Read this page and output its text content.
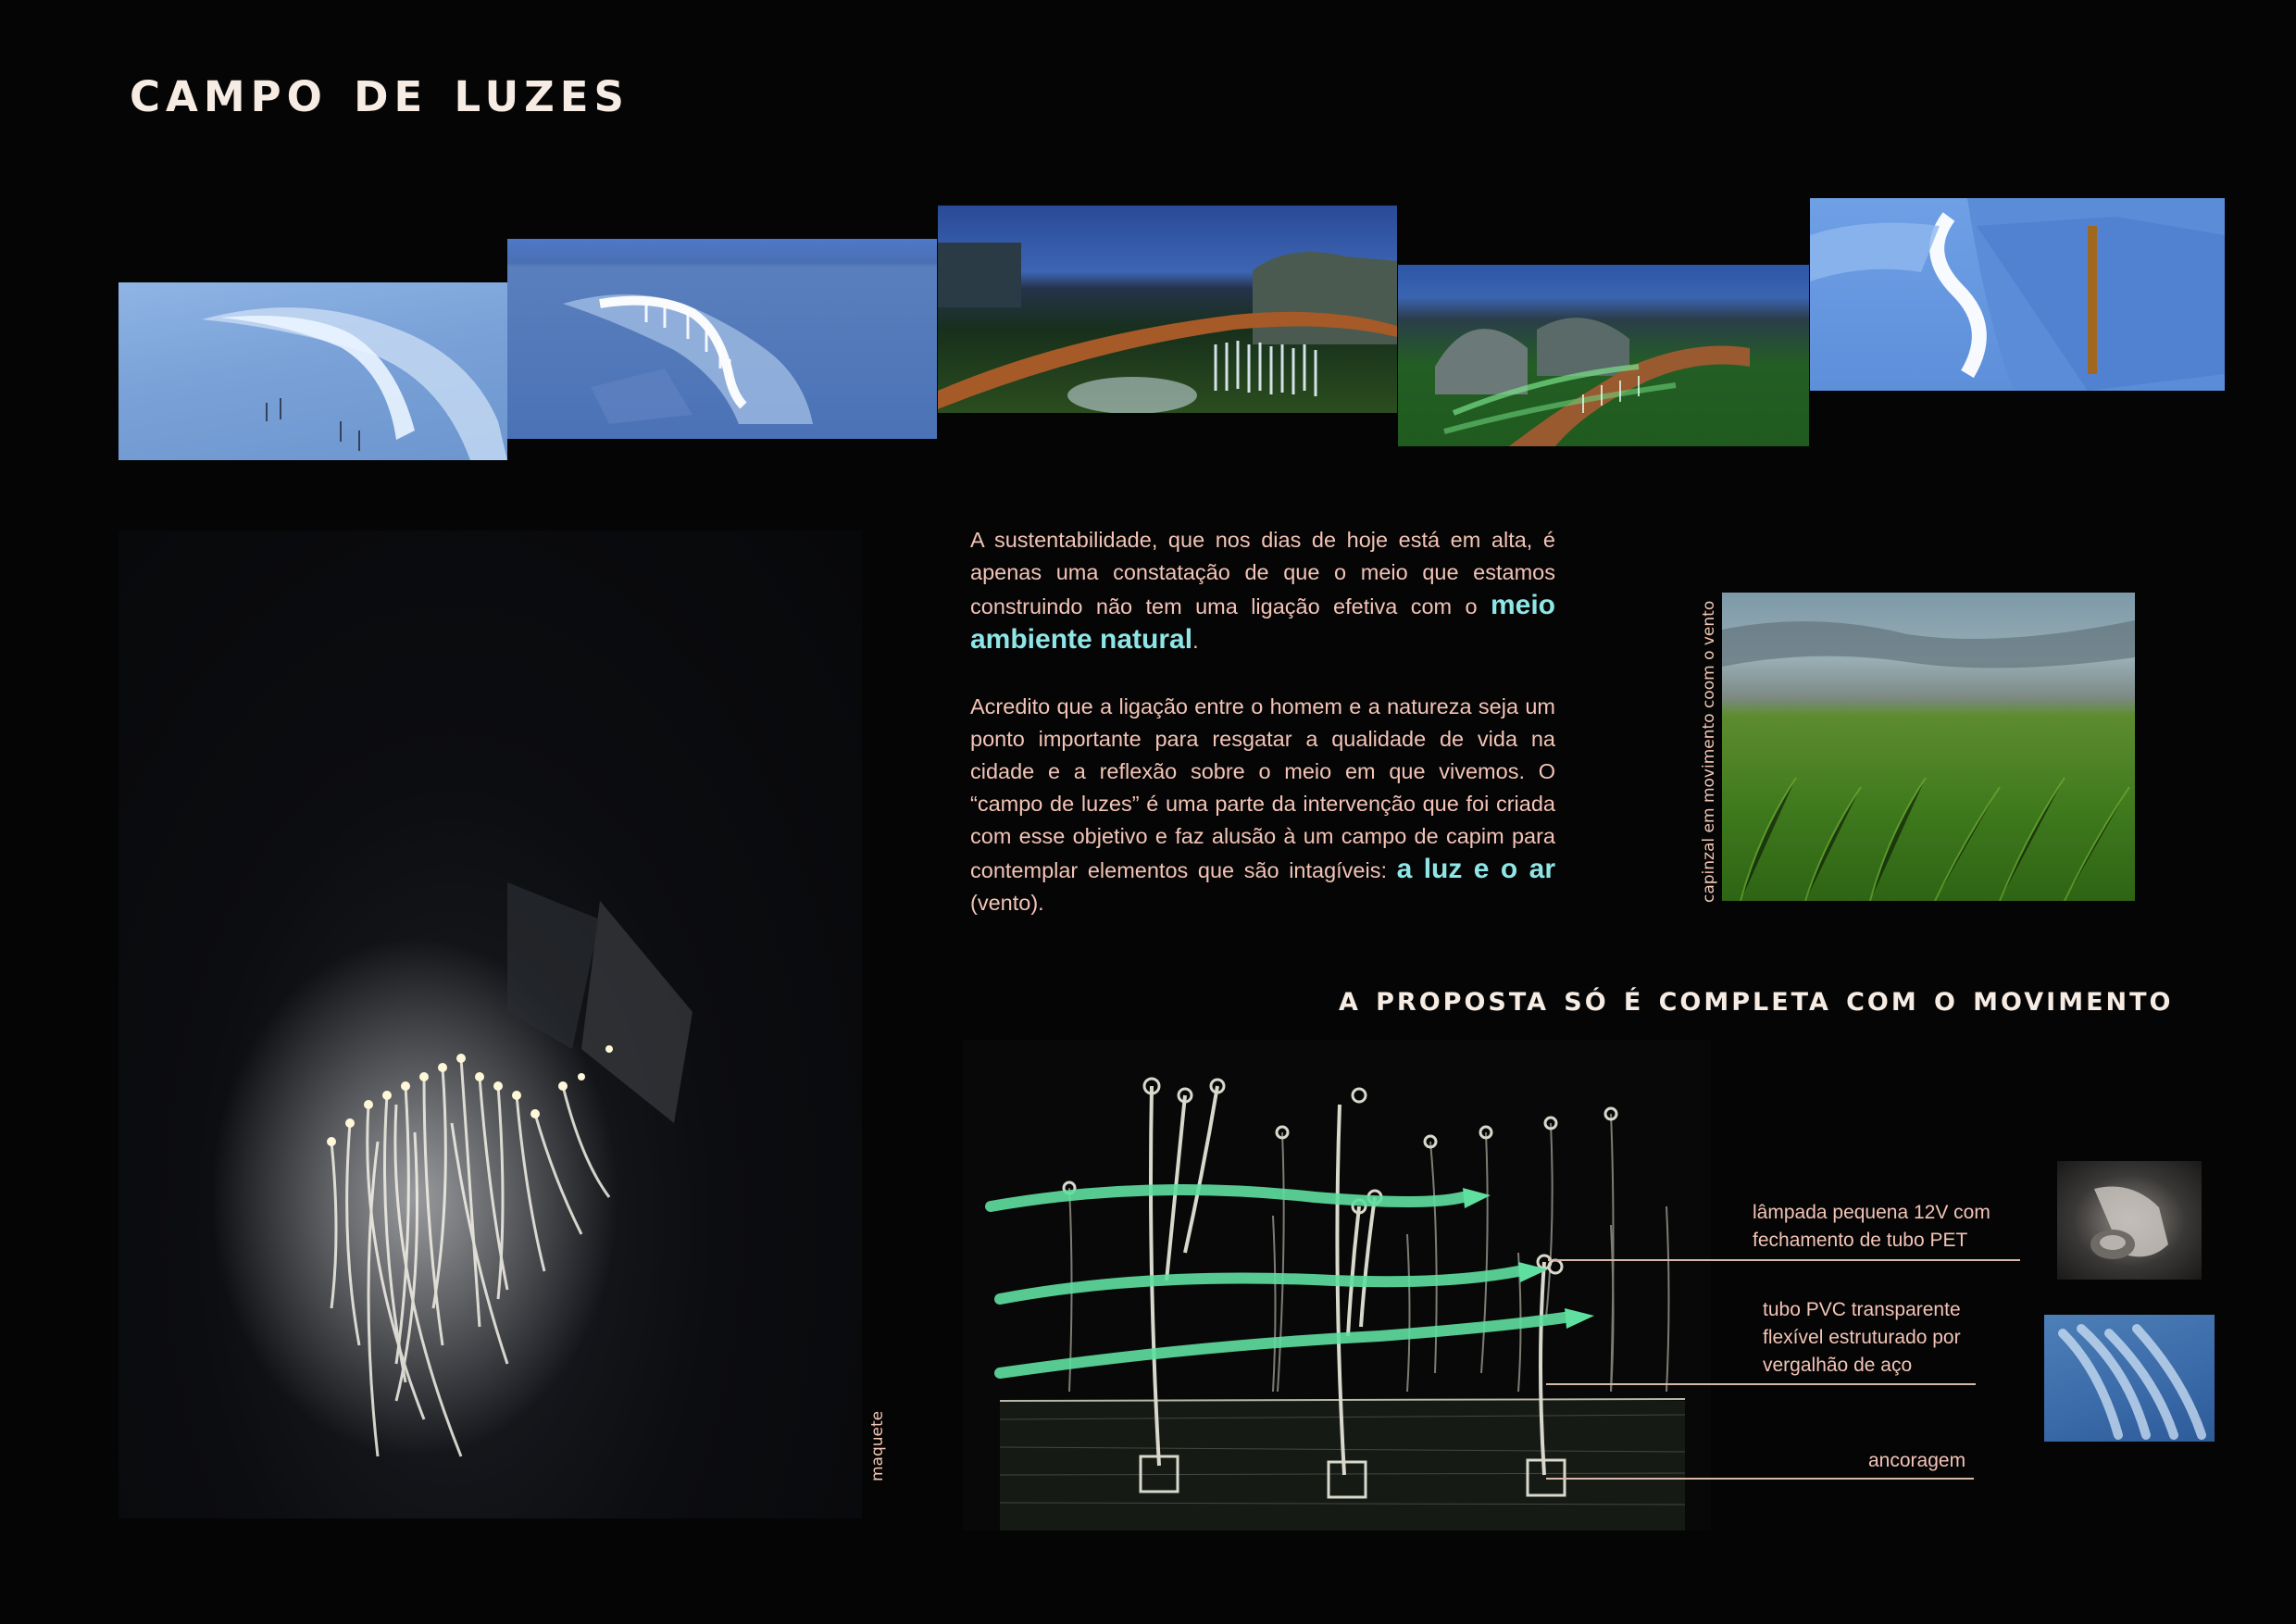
campo de luzes
maquete

A sustentabilidade, que nos dias de hoje está em alta, é apenas uma constatação de que o meio que estamos construindo não tem uma ligação efetiva com o meio ambiente natural.

Acredito que a ligação entre o homem e a natureza seja um ponto importante para resgatar a qualidade de vida na cidade e a reflexão sobre o meio em que vivemos. O “campo de luzes” é uma parte da intervenção que foi criada com esse objetivo e faz alusão à um campo de capim para contemplar elementos que são intagíveis: a luz e o ar (vento).	capinzal em movimento coom o vento
a proposta só é completa com o movimento
lâmpada pequena 12V com fechamento de tubo PET
tubo PVC transparente flexível estruturado por vergalhão de aço
ancoragem
